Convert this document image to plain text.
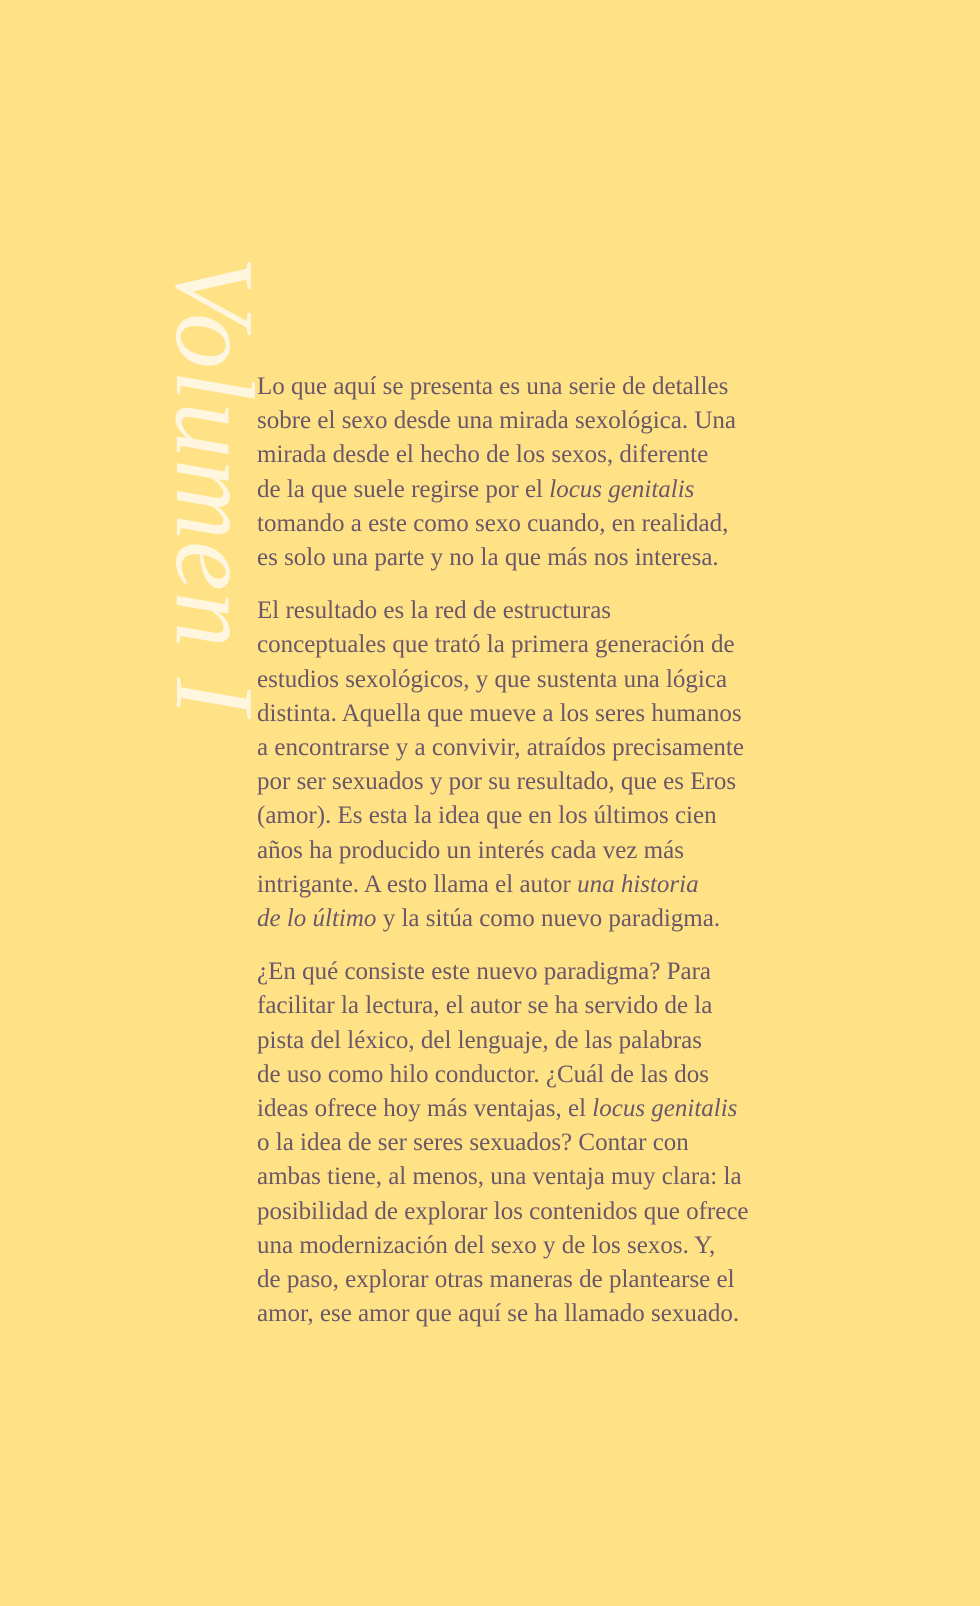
Volumen I

Lo que aquí se presenta es una serie de detalles
sobre el sexo desde una mirada sexológica. Una
mirada desde el hecho de los sexos, diferente
de la que suele regirse por el locus genitalis
tomando a este como sexo cuando, en realidad,
es solo una parte y no la que más nos interesa.

El resultado es la red de estructuras
conceptuales que trató la primera generación de
estudios sexológicos, y que sustenta una lógica
distinta. Aquella que mueve a los seres humanos
a encontrarse y a convivir, atraídos precisamente
por ser sexuados y por su resultado, que es Eros
(amor). Es esta la idea que en los últimos cien
años ha producido un interés cada vez más
intrigante. A esto llama el autor una historia
de lo último y la sitúa como nuevo paradigma.

¿En qué consiste este nuevo paradigma? Para
facilitar la lectura, el autor se ha servido de la
pista del léxico, del lenguaje, de las palabras
de uso como hilo conductor. ¿Cuál de las dos
ideas ofrece hoy más ventajas, el locus genitalis
o la idea de ser seres sexuados? Contar con
ambas tiene, al menos, una ventaja muy clara: la
posibilidad de explorar los contenidos que ofrece
una modernización del sexo y de los sexos. Y,
de paso, explorar otras maneras de plantearse el
amor, ese amor que aquí se ha llamado sexuado.
